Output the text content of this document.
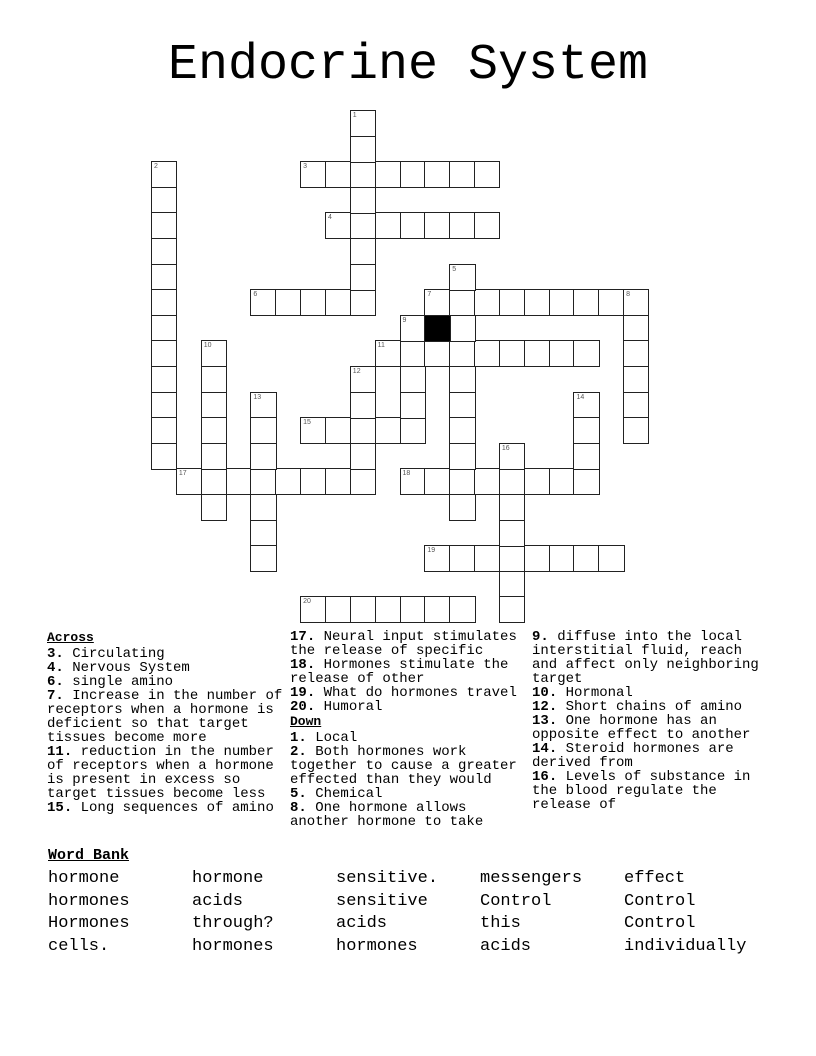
Endocrine System
3
4
6	7	8
11
15
17	18
19
20
1
2
5
9
10
12
13	14
16
Across
3. Circulating
4. Nervous System
6. single amino
7. Increase in the number of receptors when a hormone is deficient so that target tissues become more
11. reduction in the number of receptors when a hormone is present in excess so target tissues become less
15. Long sequences of amino
17. Neural input stimulates the release of specific
18. Hormones stimulate the release of other
19. What do hormones travel
20. Humoral
Down
1. Local
2. Both hormones work together to cause a greater effected than they would
5. Chemical
8. One hormone allows another hormone to take
9. diffuse into the local interstitial fluid, reach and affect only neighboring target
10. Hormonal
12. Short chains of amino
13. One hormone has an opposite effect to another
14. Steroid hormones are derived from
16. Levels of substance in the blood regulate the release of
Word Bank
hormone	hormone	sensitive.	messengers	effect
hormones	acids	sensitive	Control	Control
Hormones	through?	acids	this	Control
cells.	hormones	hormones	acids	individually
